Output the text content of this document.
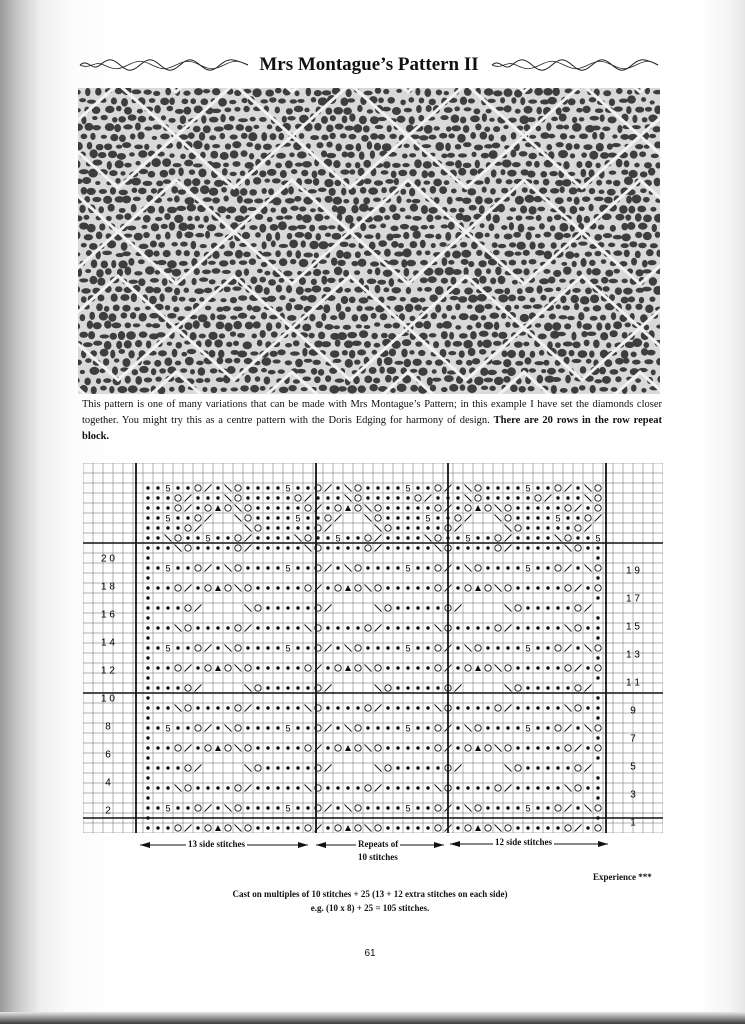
Mrs Montague’s Pattern II
This pattern is one of many variations that can be made with Mrs Montague’s Pattern; in this example I have set the diamonds closer together. You might try this as a centre pattern with the Doris Edging for harmony of design. There are 20 rows in the row repeat block.
5	5	5	5
5	5	5	5
5	5	5	5
5	5	5	5
5	5	5	5
5	5	5	5
5	5	5	5
2 0
1 8
1 6
1 4
1 2
1 0
8
6
4
2
1 9
1 7
1 5
1 3
1 1
9
7
5
3
1
13 side stitches	Repeats of
10 stitches
12 side stitches
Experience ***
Cast on multiples of 10 stitches + 25 (13 + 12 extra stitches on each side)
e.g. (10 x 8) + 25 = 105 stitches.
61
